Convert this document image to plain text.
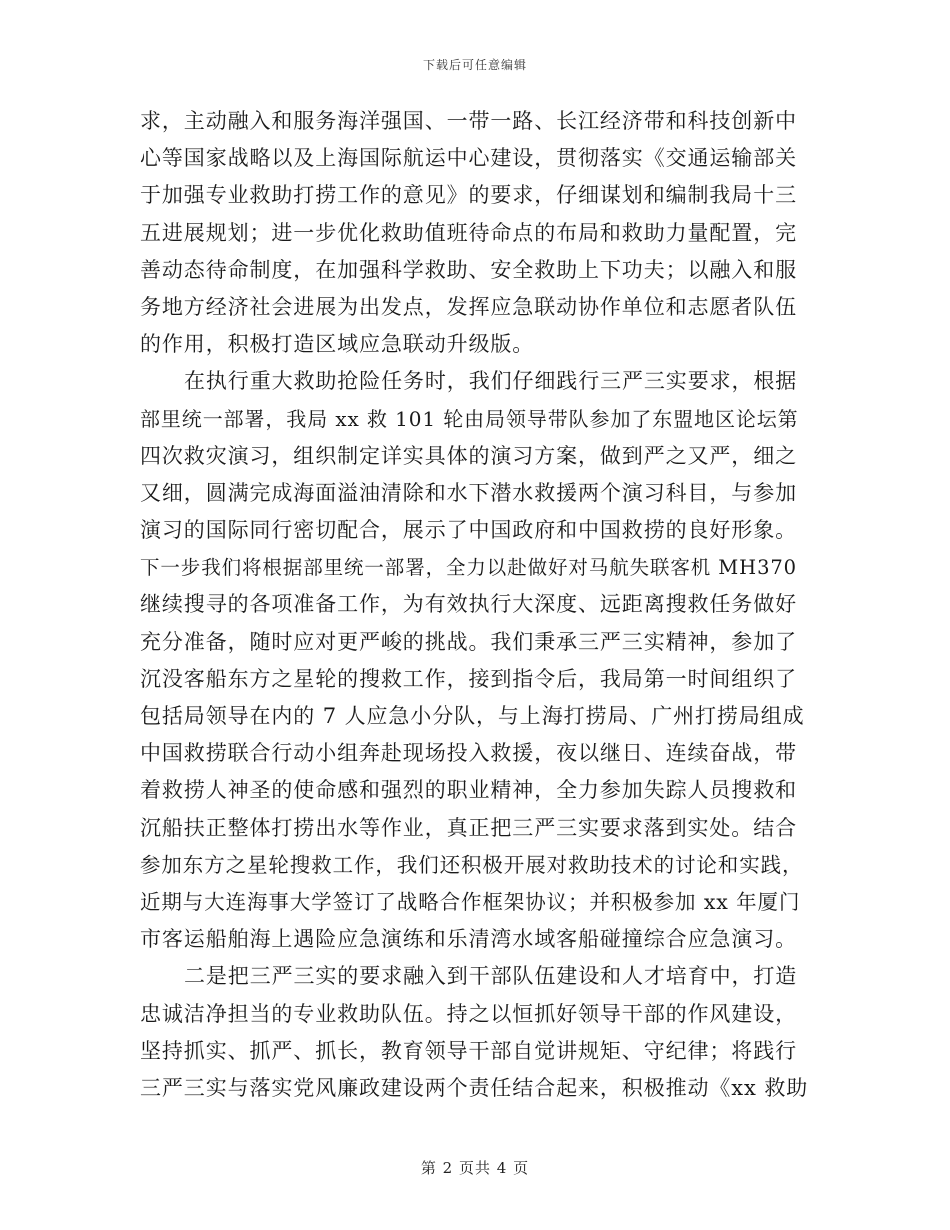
下载后可任意编辑
求，主动融入和服务海洋强国、一带一路、长江经济带和科技创新中
心等国家战略以及上海国际航运中心建设，贯彻落实《交通运输部关
于加强专业救助打捞工作的意见》的要求，仔细谋划和编制我局十三
五进展规划；进一步优化救助值班待命点的布局和救助力量配置，完
善动态待命制度，在加强科学救助、安全救助上下功夫；以融入和服
务地方经济社会进展为出发点，发挥应急联动协作单位和志愿者队伍
的作用，积极打造区域应急联动升级版。
在执行重大救助抢险任务时，我们仔细践行三严三实要求，根据
部里统一部署，我局 xx 救 101 轮由局领导带队参加了东盟地区论坛第
四次救灾演习，组织制定详实具体的演习方案，做到严之又严，细之
又细，圆满完成海面溢油清除和水下潜水救援两个演习科目，与参加
演习的国际同行密切配合，展示了中国政府和中国救捞的良好形象。
下一步我们将根据部里统一部署，全力以赴做好对马航失联客机 MH370
继续搜寻的各项准备工作，为有效执行大深度、远距离搜救任务做好
充分准备，随时应对更严峻的挑战。我们秉承三严三实精神，参加了
沉没客船东方之星轮的搜救工作，接到指令后，我局第一时间组织了
包括局领导在内的 7 人应急小分队，与上海打捞局、广州打捞局组成
中国救捞联合行动小组奔赴现场投入救援，夜以继日、连续奋战，带
着救捞人神圣的使命感和强烈的职业精神，全力参加失踪人员搜救和
沉船扶正整体打捞出水等作业，真正把三严三实要求落到实处。结合
参加东方之星轮搜救工作，我们还积极开展对救助技术的讨论和实践，
近期与大连海事大学签订了战略合作框架协议；并积极参加 xx 年厦门
市客运船舶海上遇险应急演练和乐清湾水域客船碰撞综合应急演习。
二是把三严三实的要求融入到干部队伍建设和人才培育中，打造
忠诚洁净担当的专业救助队伍。持之以恒抓好领导干部的作风建设，
坚持抓实、抓严、抓长，教育领导干部自觉讲规矩、守纪律；将践行
三严三实与落实党风廉政建设两个责任结合起来，积极推动《xx 救助
第 2 页共 4 页
